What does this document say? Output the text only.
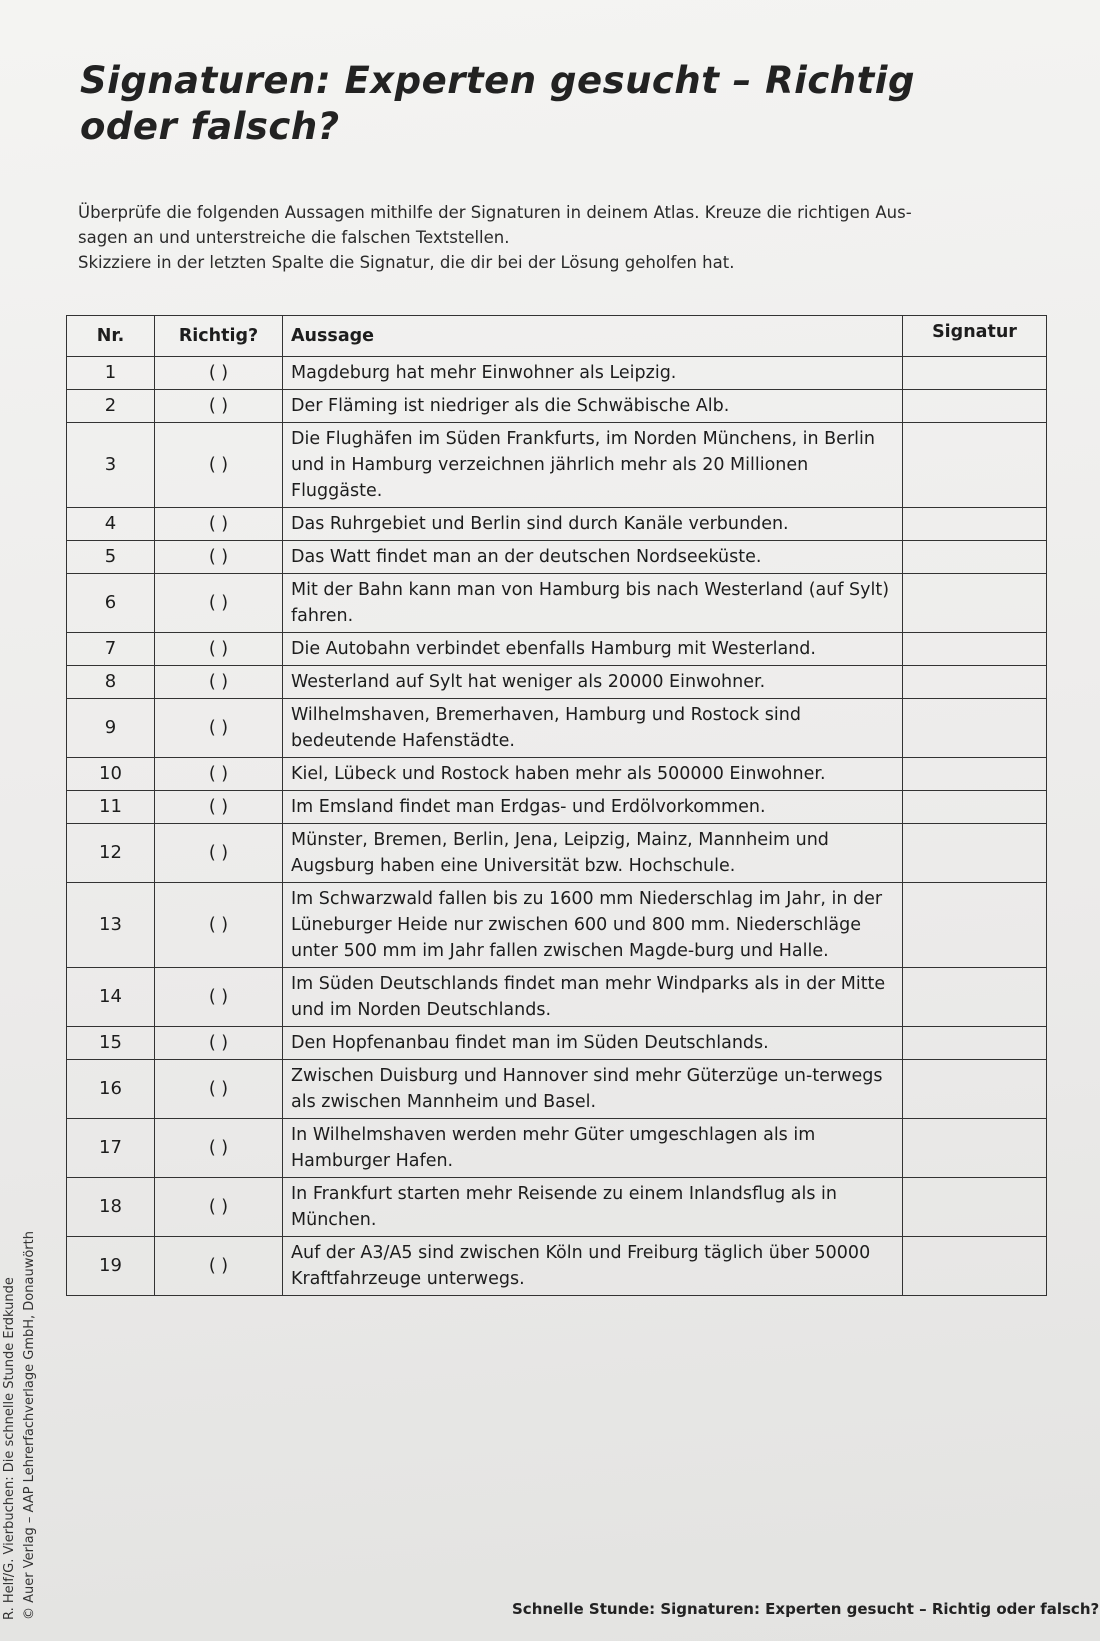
Signaturen: Experten gesucht – Richtig oder falsch?
Überprüfe die folgenden Aussagen mithilfe der Signaturen in deinem Atlas. Kreuze die richtigen Aus-
sagen an und unterstreiche die falschen Textstellen.
Skizziere in der letzten Spalte die Signatur, die dir bei der Lösung geholfen hat.
Nr.	Richtig?	Aussage	Signatur
1	( )	Magdeburg hat mehr Einwohner als Leipzig.	
2	( )	Der Fläming ist niedriger als die Schwäbische Alb.	
3	( )	Die Flughäfen im Süden Frankfurts, im Norden Münchens, in Berlin und in Hamburg verzeichnen jährlich mehr als 20 Millionen Fluggäste.	
4	( )	Das Ruhrgebiet und Berlin sind durch Kanäle verbunden.	
5	( )	Das Watt findet man an der deutschen Nordseeküste.	
6	( )	Mit der Bahn kann man von Hamburg bis nach Westerland (auf Sylt) fahren.	
7	( )	Die Autobahn verbindet ebenfalls Hamburg mit Westerland.	
8	( )	Westerland auf Sylt hat weniger als 20000 Einwohner.	
9	( )	Wilhelmshaven, Bremerhaven, Hamburg und Rostock sind bedeutende Hafenstädte.	
10	( )	Kiel, Lübeck und Rostock haben mehr als 500000 Einwohner.	
11	( )	Im Emsland findet man Erdgas- und Erdölvorkommen.	
12	( )	Münster, Bremen, Berlin, Jena, Leipzig, Mainz, Mannheim und Augsburg haben eine Universität bzw. Hochschule.	
13	( )	Im Schwarzwald fallen bis zu 1600 mm Niederschlag im Jahr, in der Lüneburger Heide nur zwischen 600 und 800 mm. Niederschläge unter 500 mm im Jahr fallen zwischen Magde-burg und Halle.	
14	( )	Im Süden Deutschlands findet man mehr Windparks als in der Mitte und im Norden Deutschlands.	
15	( )	Den Hopfenanbau findet man im Süden Deutschlands.	
16	( )	Zwischen Duisburg und Hannover sind mehr Güterzüge un-terwegs als zwischen Mannheim und Basel.	
17	( )	In Wilhelmshaven werden mehr Güter umgeschlagen als im Hamburger Hafen.	
18	( )	In Frankfurt starten mehr Reisende zu einem Inlandsflug als in München.	
19	( )	Auf der A3/A5 sind zwischen Köln und Freiburg täglich über 50000 Kraftfahrzeuge unterwegs.	
R. Helf/G. Vierbuchen: Die schnelle Stunde Erdkunde © Auer Verlag – AAP Lehrerfachverlage GmbH, Donauwörth	Schnelle Stunde: Signaturen: Experten gesucht – Richtig oder falsch?
